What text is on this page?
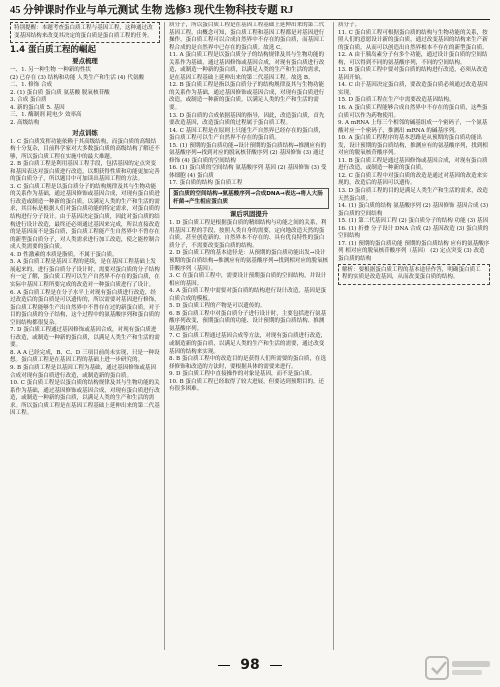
45 分钟课时作业与单元测试 生物 选修3 现代生物科技专题 RJ
特别提醒：本题考查蛋白质工程与基因工程，这种通过改变基因结构来改变其决定的蛋白质是蛋白质工程的任务。
1.4 蛋白质工程的崛起
要点梳理

一、1. 另一种生物 一种新的性状

(2) 已存在 (3) 结构和功能 人类生产和生活 (4) 代氨酸

二、1. 修饰 合成

2. (1) 蛋白质 蛋白质 氨基酸 脱氧核苷酸

3. 合成 蛋白质

4. 新的蛋白质 5. 基因

三、1. 酶制剂 耗电少 效率高

2. 高级结构

对点训练

1. C 蛋白质发挥功能依赖于其高级结构，而蛋白质的高级结构十分复杂，目前科学家对大多数蛋白质的高级结构了解还不够，所以蛋白质工程在实施中的最大难题。

2. B 蛋白质工程是利用基因工程手段，包括基因的定点突变和基因表达对蛋白质进行改造，以期获得性质和功能更加完善的蛋白质分子，所以题目中可加读出基因工程的方法。

3. C 蛋白质工程是以蛋白质分子的结构规律及其与生物功能的关系作为基础，通过基因修饰或基因合成，对现有蛋白质进行改造或制造一种新的蛋白质，以满足人类的生产和生活的需求，其目标是根据人们对蛋白质功能的特定需求，对蛋白质的结构进行分子设计。由于基因决定蛋白质，因此对蛋白质的结构进行设计改造，最终还必须通过基因来完成，所以直接改造的是基因而不是蛋白质，蛋白质工程能产生自然界中不曾存在的新型蛋白质分子，对人类需求进行加工改造，使之能控制合成人类需要的蛋白质。

4. D 性激素的本质是脂质，不属于蛋白质。

5. A 蛋白质工程是基因工程的延续，是在基因工程基础上发展起来的，进行蛋白质分子设计时，需要对蛋白质的分子结构有一定了解，蛋白质工程可以生产自然界不存在的蛋白质，在实际中基因工程所要完成的改造对一种蛋白质进行了设计。

6. A 蛋白质工程是在分子水平上对现有蛋白质进行改造，经过改造后的蛋白质是可以遗传的，所以需要对基因进行修饰，蛋白质工程能够生产出自然界中不曾存在过的新蛋白质，对于目的蛋白质的分子结构，这个过程中的氨基酸序列和蛋白质的空间结构都很复杂。

7. D 蛋白质工程通过基因修饰或基因合成，对现有蛋白质进行改造，或制造一种新的蛋白质，以满足人类生产和生活的需要。

8. A A 已经完成，B、C、D 三项目前尚未实现，只是一种设想。蛋白质工程是在基因工程的基础上进一步研究的。

9. B 蛋白质工程是以基因工程为基础，通过基因修饰或基因合成对现有蛋白质进行改造，或制造新的蛋白质。

10. C 蛋白质工程是以蛋白质的结构规律及其与生物功能的关系作为基础，通过基因修饰或基因合成，对现有蛋白质进行改造，或制造一种新的蛋白质，以满足人类的生产和生活的需求。所以蛋白质工程是在基因工程基础上延伸出来的第二代基因工程。

质分子，所以蛋白质工程是在基因工程基础上延伸出来的第二代基因工程，由概念可知，蛋白质工程和基因工程都是对基因进行操作，蛋白质工程可以合成自然界中不存在的蛋白质，而基因工程合成的是自然界中已存在的蛋白质。故选 C。

11. A 蛋白质工程是以蛋白质分子的结构规律及其与生物功能的关系作为基础，通过基因修饰或基因合成，对现有蛋白质进行改造，或制造一种新的蛋白质，以满足人类的生产和生活的需求，是在基因工程基础上延伸出来的第二代基因工程。故选 B。

12. B 蛋白质工程是指以蛋白质分子的结构规律及其与生物功能的关系作为基础，通过基因修饰或基因合成，对现有蛋白质进行改造，或制造一种新的蛋白质，以满足人类的生产和生活的需要。

13. D 蛋白质的合成依据基因的指导，因此，改造蛋白质，首先要改造基因，改造蛋白质的过程属于蛋白质工程。

14. C 基因工程是在原则上只能生产自然界已经存在的蛋白质，蛋白质工程可以生产自然界不存在的蛋白质。

15. (1) 预期的蛋白质功能→设计预期的蛋白质结构→推测应有的氨基酸序列→找到对应的脱氧核苷酸序列 (2) 基因修饰 (3) 通过修饰 (4) 蛋白质的空间结构

16. (1) 蛋白质的空间结构 氨基酸序列 基因 (2) 基因修饰 (3) 受体细胞 (4) 蛋白质

17. 蛋白质的结构 蛋白质工程

蛋白质的空间结构→氨基酸序列→合成DNA→表达→将人大肠杆菌→产生相应蛋白质
课后巩固提升

1. D 蛋白质工程是根据蛋白质的精细结构与功能之间的关系，利用基因工程的手段，按照人类自身的需要，定向地改造天然的蛋白质，甚至创造新的、自然界本不存在的、具有优良特性的蛋白质分子，不需要改变蛋白质的结构。

2. D 蛋白质工程的基本途径是：从预期的蛋白质功能出发→设计预期的蛋白质结构→推测应有的氨基酸序列→找到相对应的脱氧核苷酸序列（基因）。

3. C 在蛋白质工程中，需要设计预期蛋白质的空间结构，并设计相应的基因。

4. A 蛋白质工程中需要对蛋白质的结构进行设计改造，基因是蛋白质合成的模板。

5. D 蛋白质工程的产物是可以遗传的。

6. B 蛋白质工程中对蛋白质分子进行设计时，主要包括进行氨基酸序列改变，预期蛋白质的功能、设计预期的蛋白质结构、推测氨基酸序列。

7. C 蛋白质工程通过基因合成等方法，对现有蛋白质进行改造，或制造新的蛋白质，以满足人类的生产和生活的需要，通过改变基因的结构来实现。

8. B 蛋白质工程中的改造目的是获得人们所需要的蛋白质，在选择修饰和改造的方法时，要根据具体的需要来进行。

9. D 蛋白质工程中直接操作的对象是基因，而不是蛋白质。

10. B 蛋白质工程已经取得了较大进展，但要达到预期目的，还有很多困难。

质分子。

11. C 蛋白质工程可根据蛋白质的结构与生物功能的关系，按照人们的意愿设计新的蛋白质，通过改变基因的结构来生产新的蛋白质，从而可以创造出自然界根本不存在的新型蛋白质。

12. A 由于胰岛素分子有多个功能，通过设计蛋白质的空间结构，可以得到不同的氨基酸序列，不同的空间结构。

13. B 蛋白质工程中要对蛋白质的结构进行改造，必须从改造基因开始。

14. C 由于基因决定蛋白质，要改造蛋白质必须通过改造基因实现。

15. D 蛋白质工程在生产中需要改造基因结构。

16. A 蛋白质工程能够合成自然界中不存在的蛋白质，这些蛋白质可以作为药物使用。

9. A mRNA 上每三个相邻的碱基组成一个密码子，一个氨基酸对应一个密码子，推测出 mRNA 的碱基序列。

10. A 蛋白质工程程序的基本思路是从预期的蛋白质功能出发，设计预期的蛋白质结构，推测应有的氨基酸序列，找到相对应的脱氧核苷酸序列。

11. B 蛋白质工程是通过基因修饰或基因合成，对现有蛋白质进行改造，或制造一种新的蛋白质。

12. C 蛋白质工程中对蛋白质的改造是通过对基因的改造来实现的，改造后的基因可以遗传。

13. D 蛋白质工程的目的是满足人类生产和生活的需求，改造天然蛋白质。

14. (1) 蛋白质的结构 氨基酸序列 (2) 基因修饰 基因合成 (3) 蛋白质的空间结构

15. (1) 第二代基因工程 (2) 蛋白质分子的结构 功能 (3) 基因

16. (1) 折叠 分子设计 DNA 合成 (2) 基因改造 (3) 蛋白质的空间结构

17. (1) 预期的蛋白质功能 预期的蛋白质结构 应有的氨基酸序列 相对应的脱氧核苷酸序列（基因） (2) 定点突变 (3) 改造蛋白质的结构

解析：要根据蛋白质工程的基本途径作答，明确蛋白质工程的实质是改造基因，从而改变蛋白质的结构。
98
